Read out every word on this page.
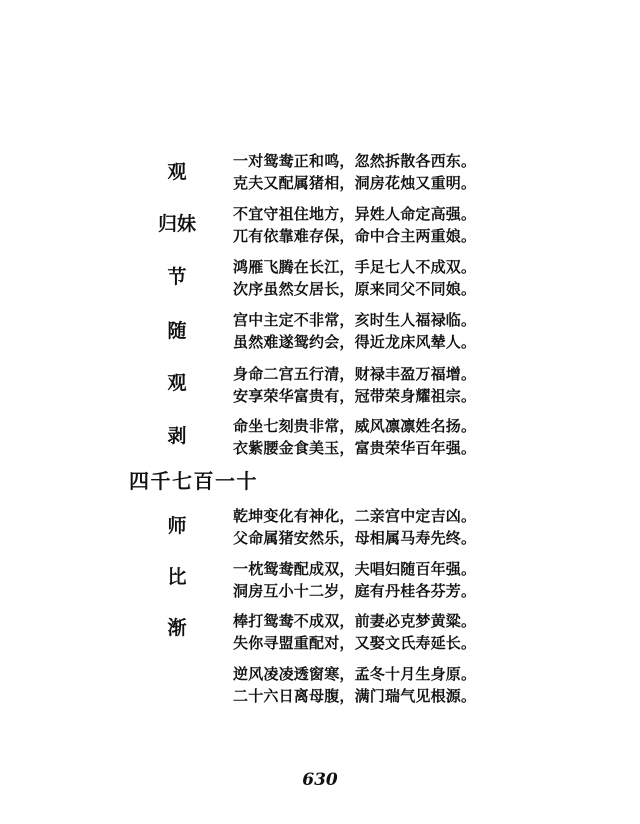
观	一对鸳鸯正和鸣，忽然拆散各西东。
克夫又配属猪相，洞房花烛又重明。
归妹	不宜守祖住地方，异姓人命定高强。
兀有依靠难存保，命中合主两重娘。
节	鸿雁飞腾在长江，手足七人不成双。
次序虽然女居长，原来同父不同娘。
随	宫中主定不非常，亥时生人福禄临。
虽然难遂鸳约会，得近龙床风辇人。
观	身命二宫五行清，财禄丰盈万福增。
安享荣华富贵有，冠带荣身耀祖宗。
剥	命坐七刻贵非常，威风凛凛姓名扬。
衣紫腰金食美玉，富贵荣华百年强。
四千七百一十
师	乾坤变化有神化，二亲宫中定吉凶。
父命属猪安然乐，母相属马寿先终。
比	一枕鸳鸯配成双，夫唱妇随百年强。
洞房互小十二岁，庭有丹桂各芬芳。
渐	棒打鸳鸯不成双，前妻必克梦黄粱。
失你寻盟重配对，又娶文氏寿延长。
逆风凌凌透窗寒，孟冬十月生身原。
二十六日离母腹，满门瑞气见根源。
630
